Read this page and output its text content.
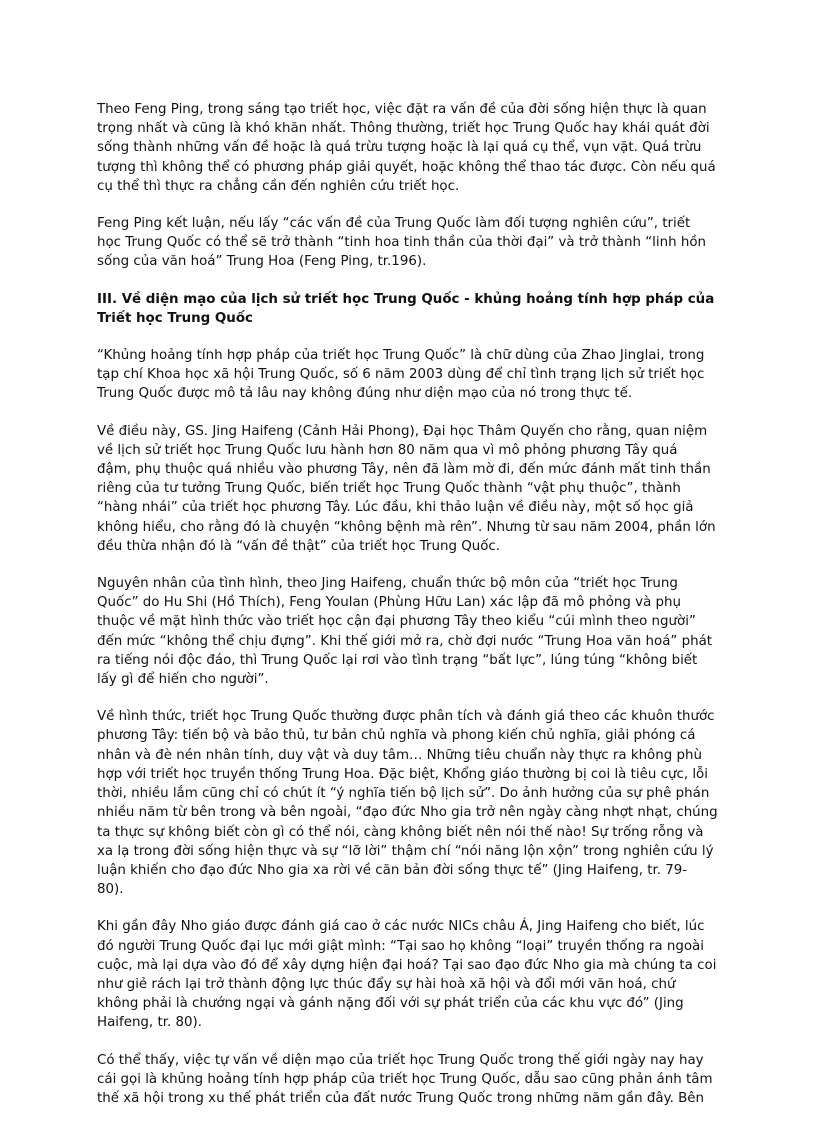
Theo Feng Ping, trong sáng tạo triết học, việc đặt ra vấn đề của đời sống hiện thực là quan
trọng nhất và cũng là khó khăn nhất. Thông thường, triết học Trung Quốc hay khái quát đời
sống thành những vấn đề hoặc là quá trừu tượng hoặc là lại quá cụ thể, vụn vặt. Quá trừu
tượng thì không thể có phương pháp giải quyết, hoặc không thể thao tác được. Còn nếu quá
cụ thể thì thực ra chẳng cần đến nghiên cứu triết học.
Feng Ping kết luận, nếu lấy “các vấn đề của Trung Quốc làm đối tượng nghiên cứu”, triết
học Trung Quốc có thể sẽ trở thành “tinh hoa tinh thần của thời đại” và trở thành “linh hồn
sống của văn hoá” Trung Hoa (Feng Ping, tr.196).
III. Về diện mạo của lịch sử triết học Trung Quốc - khủng hoảng tính hợp pháp của
Triết học Trung Quốc
“Khủng hoảng tính hợp pháp của triết học Trung Quốc” là chữ dùng của Zhao Jinglai, trong
tạp chí Khoa học xã hội Trung Quốc, số 6 năm 2003 dùng để chỉ tình trạng lịch sử triết học
Trung Quốc được mô tả lâu nay không đúng như diện mạo của nó trong thực tế.
Về điều này, GS. Jing Haifeng (Cảnh Hải Phong), Đại học Thâm Quyến cho rằng, quan niệm
về lịch sử triết học Trung Quốc lưu hành hơn 80 năm qua vì mô phỏng phương Tây quá
đậm, phụ thuộc quá nhiều vào phương Tây, nên đã làm mờ đi, đến mức đánh mất tinh thần
riêng của tư tưởng Trung Quốc, biến triết học Trung Quốc thành “vật phụ thuộc”, thành
“hàng nhái” của triết học phương Tây. Lúc đầu, khi thảo luận về điều này, một số học giả
không hiểu, cho rằng đó là chuyện “không bệnh mà rên”. Nhưng từ sau năm 2004, phần lớn
đều thừa nhận đó là “vấn đề thật” của triết học Trung Quốc.
Nguyên nhân của tình hình, theo Jing Haifeng, chuẩn thức bộ môn của “triết học Trung
Quốc” do Hu Shi (Hồ Thích), Feng Youlan (Phùng Hữu Lan) xác lập đã mô phỏng và phụ
thuộc về mặt hình thức vào triết học cận đại phương Tây theo kiểu “cúi mình theo người”
đến mức “không thể chịu đựng”. Khi thế giới mở ra, chờ đợi nước “Trung Hoa văn hoá” phát
ra tiếng nói độc đáo, thì Trung Quốc lại rơi vào tình trạng “bất lực”, lúng túng “không biết
lấy gì để hiến cho người”.
Về hình thức, triết học Trung Quốc thường được phân tích và đánh giá theo các khuôn thước
phương Tây: tiến bộ và bảo thủ, tư bản chủ nghĩa và phong kiến chủ nghĩa, giải phóng cá
nhân và đè nén nhân tính, duy vật và duy tâm… Những tiêu chuẩn này thực ra không phù
hợp với triết học truyền thống Trung Hoa. Đặc biệt, Khổng giáo thường bị coi là tiêu cực, lỗi
thời, nhiều lắm cũng chỉ có chút ít “ý nghĩa tiến bộ lịch sử”. Do ảnh hưởng của sự phê phán
nhiều năm từ bên trong và bên ngoài, “đạo đức Nho gia trở nên ngày càng nhợt nhạt, chúng
ta thực sự không biết còn gì có thể nói, càng không biết nên nói thế nào! Sự trống rỗng và
xa lạ trong đời sống hiện thực và sự “lỡ lời” thậm chí “nói năng lộn xộn” trong nghiên cứu lý
luận khiến cho đạo đức Nho gia xa rời về căn bản đời sống thực tế” (Jing Haifeng, tr. 79-
80).
Khi gần đây Nho giáo được đánh giá cao ở các nước NICs châu Á, Jing Haifeng cho biết, lúc
đó người Trung Quốc đại lục mới giật mình: “Tại sao họ không “loại” truyền thống ra ngoài
cuộc, mà lại dựa vào đó để xây dựng hiện đại hoá? Tại sao đạo đức Nho gia mà chúng ta coi
như giẻ rách lại trở thành động lực thúc đẩy sự hài hoà xã hội và đổi mới văn hoá, chứ
không phải là chướng ngại và gánh nặng đối với sự phát triển của các khu vực đó” (Jing
Haifeng, tr. 80).
Có thể thấy, việc tự vấn về diện mạo của triết học Trung Quốc trong thế giới ngày nay hay
cái gọi là khủng hoảng tính hợp pháp của triết học Trung Quốc, dẫu sao cũng phản ánh tâm
thế xã hội trong xu thế phát triển của đất nước Trung Quốc trong những năm gần đây. Bên
